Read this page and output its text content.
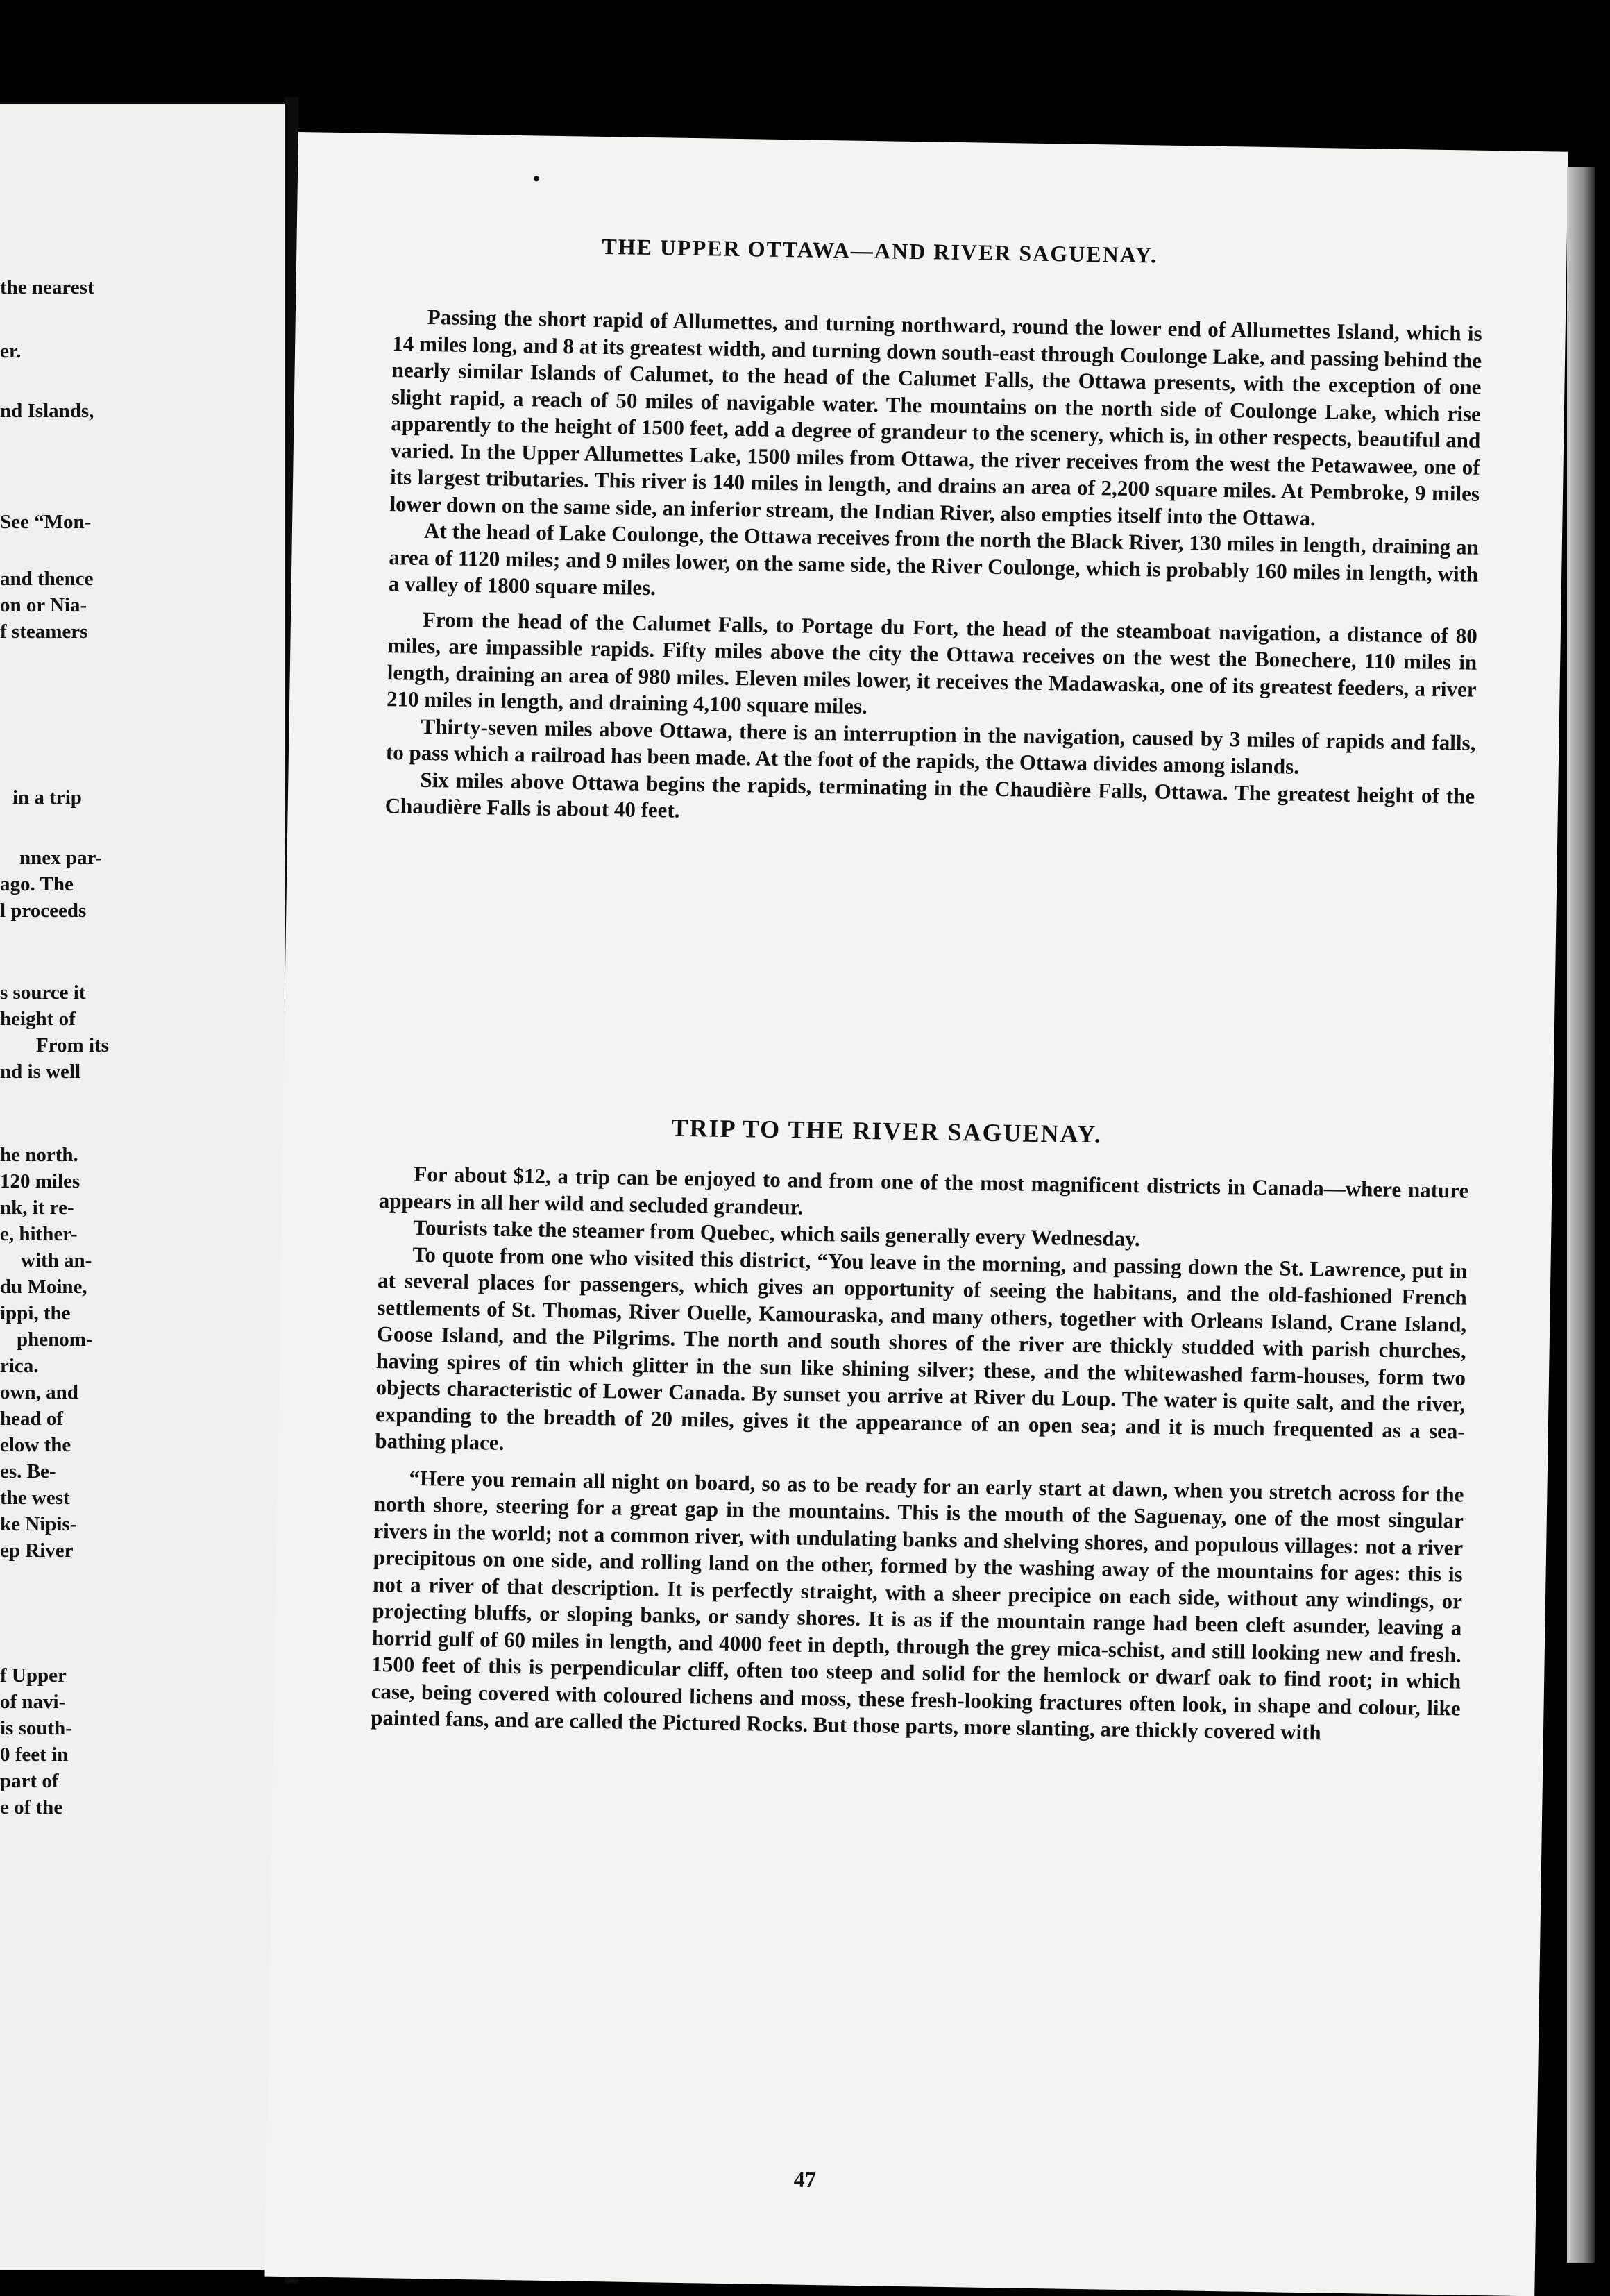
the nearest
er.
nd Islands,
See “Mon-
and thence
on or Nia-
f steamers
in a trip
nnex par-
ago. The
l proceeds
s source it
height of
From its
nd is well
he north.
120 miles
nk, it re-
e, hither-
with an-
du Moine,
ippi, the
phenom-
rica.
own, and
head of
elow the
es. Be-
the west
ke Nipis-
ep River
f Upper
of navi-
is south-
0 feet in
part of
e of the
THE UPPER OTTAWA—AND RIVER SAGUENAY.

Passing the short rapid of Allumettes, and turning northward, round the lower end of Allumettes Island, which is 14 miles long, and 8 at its greatest width, and turning down south-east through Coulonge Lake, and passing behind the nearly similar Islands of Calumet, to the head of the Calumet Falls, the Ottawa presents, with the exception of one slight rapid, a reach of 50 miles of navigable water. The mountains on the north side of Coulonge Lake, which rise apparently to the height of 1500 feet, add a degree of grandeur to the scenery, which is, in other respects, beautiful and varied. In the Upper Allumettes Lake, 1500 miles from Ottawa, the river receives from the west the Petawawee, one of its largest tributaries. This river is 140 miles in length, and drains an area of 2,200 square miles. At Pembroke, 9 miles lower down on the same side, an inferior stream, the Indian River, also empties itself into the Ottawa.

At the head of Lake Coulonge, the Ottawa receives from the north the Black River, 130 miles in length, draining an area of 1120 miles; and 9 miles lower, on the same side, the River Coulonge, which is probably 160 miles in length, with a valley of 1800 square miles.

From the head of the Calumet Falls, to Portage du Fort, the head of the steamboat navigation, a distance of 80 miles, are impassible rapids. Fifty miles above the city the Ottawa receives on the west the Bonechere, 110 miles in length, draining an area of 980 miles. Eleven miles lower, it receives the Madawaska, one of its greatest feeders, a river 210 miles in length, and draining 4,100 square miles.

Thirty-seven miles above Ottawa, there is an interruption in the navigation, caused by 3 miles of rapids and falls, to pass which a railroad has been made. At the foot of the rapids, the Ottawa divides among islands.

Six miles above Ottawa begins the rapids, terminating in the Chaudière Falls, Ottawa. The greatest height of the Chaudière Falls is about 40 feet.

TRIP TO THE RIVER SAGUENAY.

For about $12, a trip can be enjoyed to and from one of the most magnificent districts in Canada—where nature appears in all her wild and secluded grandeur.

Tourists take the steamer from Quebec, which sails generally every Wednesday.

To quote from one who visited this district, “You leave in the morning, and passing down the St. Lawrence, put in at several places for passengers, which gives an opportunity of seeing the habitans, and the old-fashioned French settlements of St. Thomas, River Ouelle, Kamouraska, and many others, together with Orleans Island, Crane Island, Goose Island, and the Pilgrims. The north and south shores of the river are thickly studded with parish churches, having spires of tin which glitter in the sun like shining silver; these, and the whitewashed farm-houses, form two objects characteristic of Lower Canada. By sunset you arrive at River du Loup. The water is quite salt, and the river, expanding to the breadth of 20 miles, gives it the appearance of an open sea; and it is much frequented as a sea-bathing place.

“Here you remain all night on board, so as to be ready for an early start at dawn, when you stretch across for the north shore, steering for a great gap in the mountains. This is the mouth of the Saguenay, one of the most singular rivers in the world; not a common river, with undulating banks and shelving shores, and populous villages: not a river precipitous on one side, and rolling land on the other, formed by the washing away of the mountains for ages: this is not a river of that description. It is perfectly straight, with a sheer precipice on each side, without any windings, or projecting bluffs, or sloping banks, or sandy shores. It is as if the mountain range had been cleft asunder, leaving a horrid gulf of 60 miles in length, and 4000 feet in depth, through the grey mica-schist, and still looking new and fresh. 1500 feet of this is perpendicular cliff, often too steep and solid for the hemlock or dwarf oak to find root; in which case, being covered with coloured lichens and moss, these fresh-looking fractures often look, in shape and colour, like painted fans, and are called the Pictured Rocks. But those parts, more slanting, are thickly covered with

47
